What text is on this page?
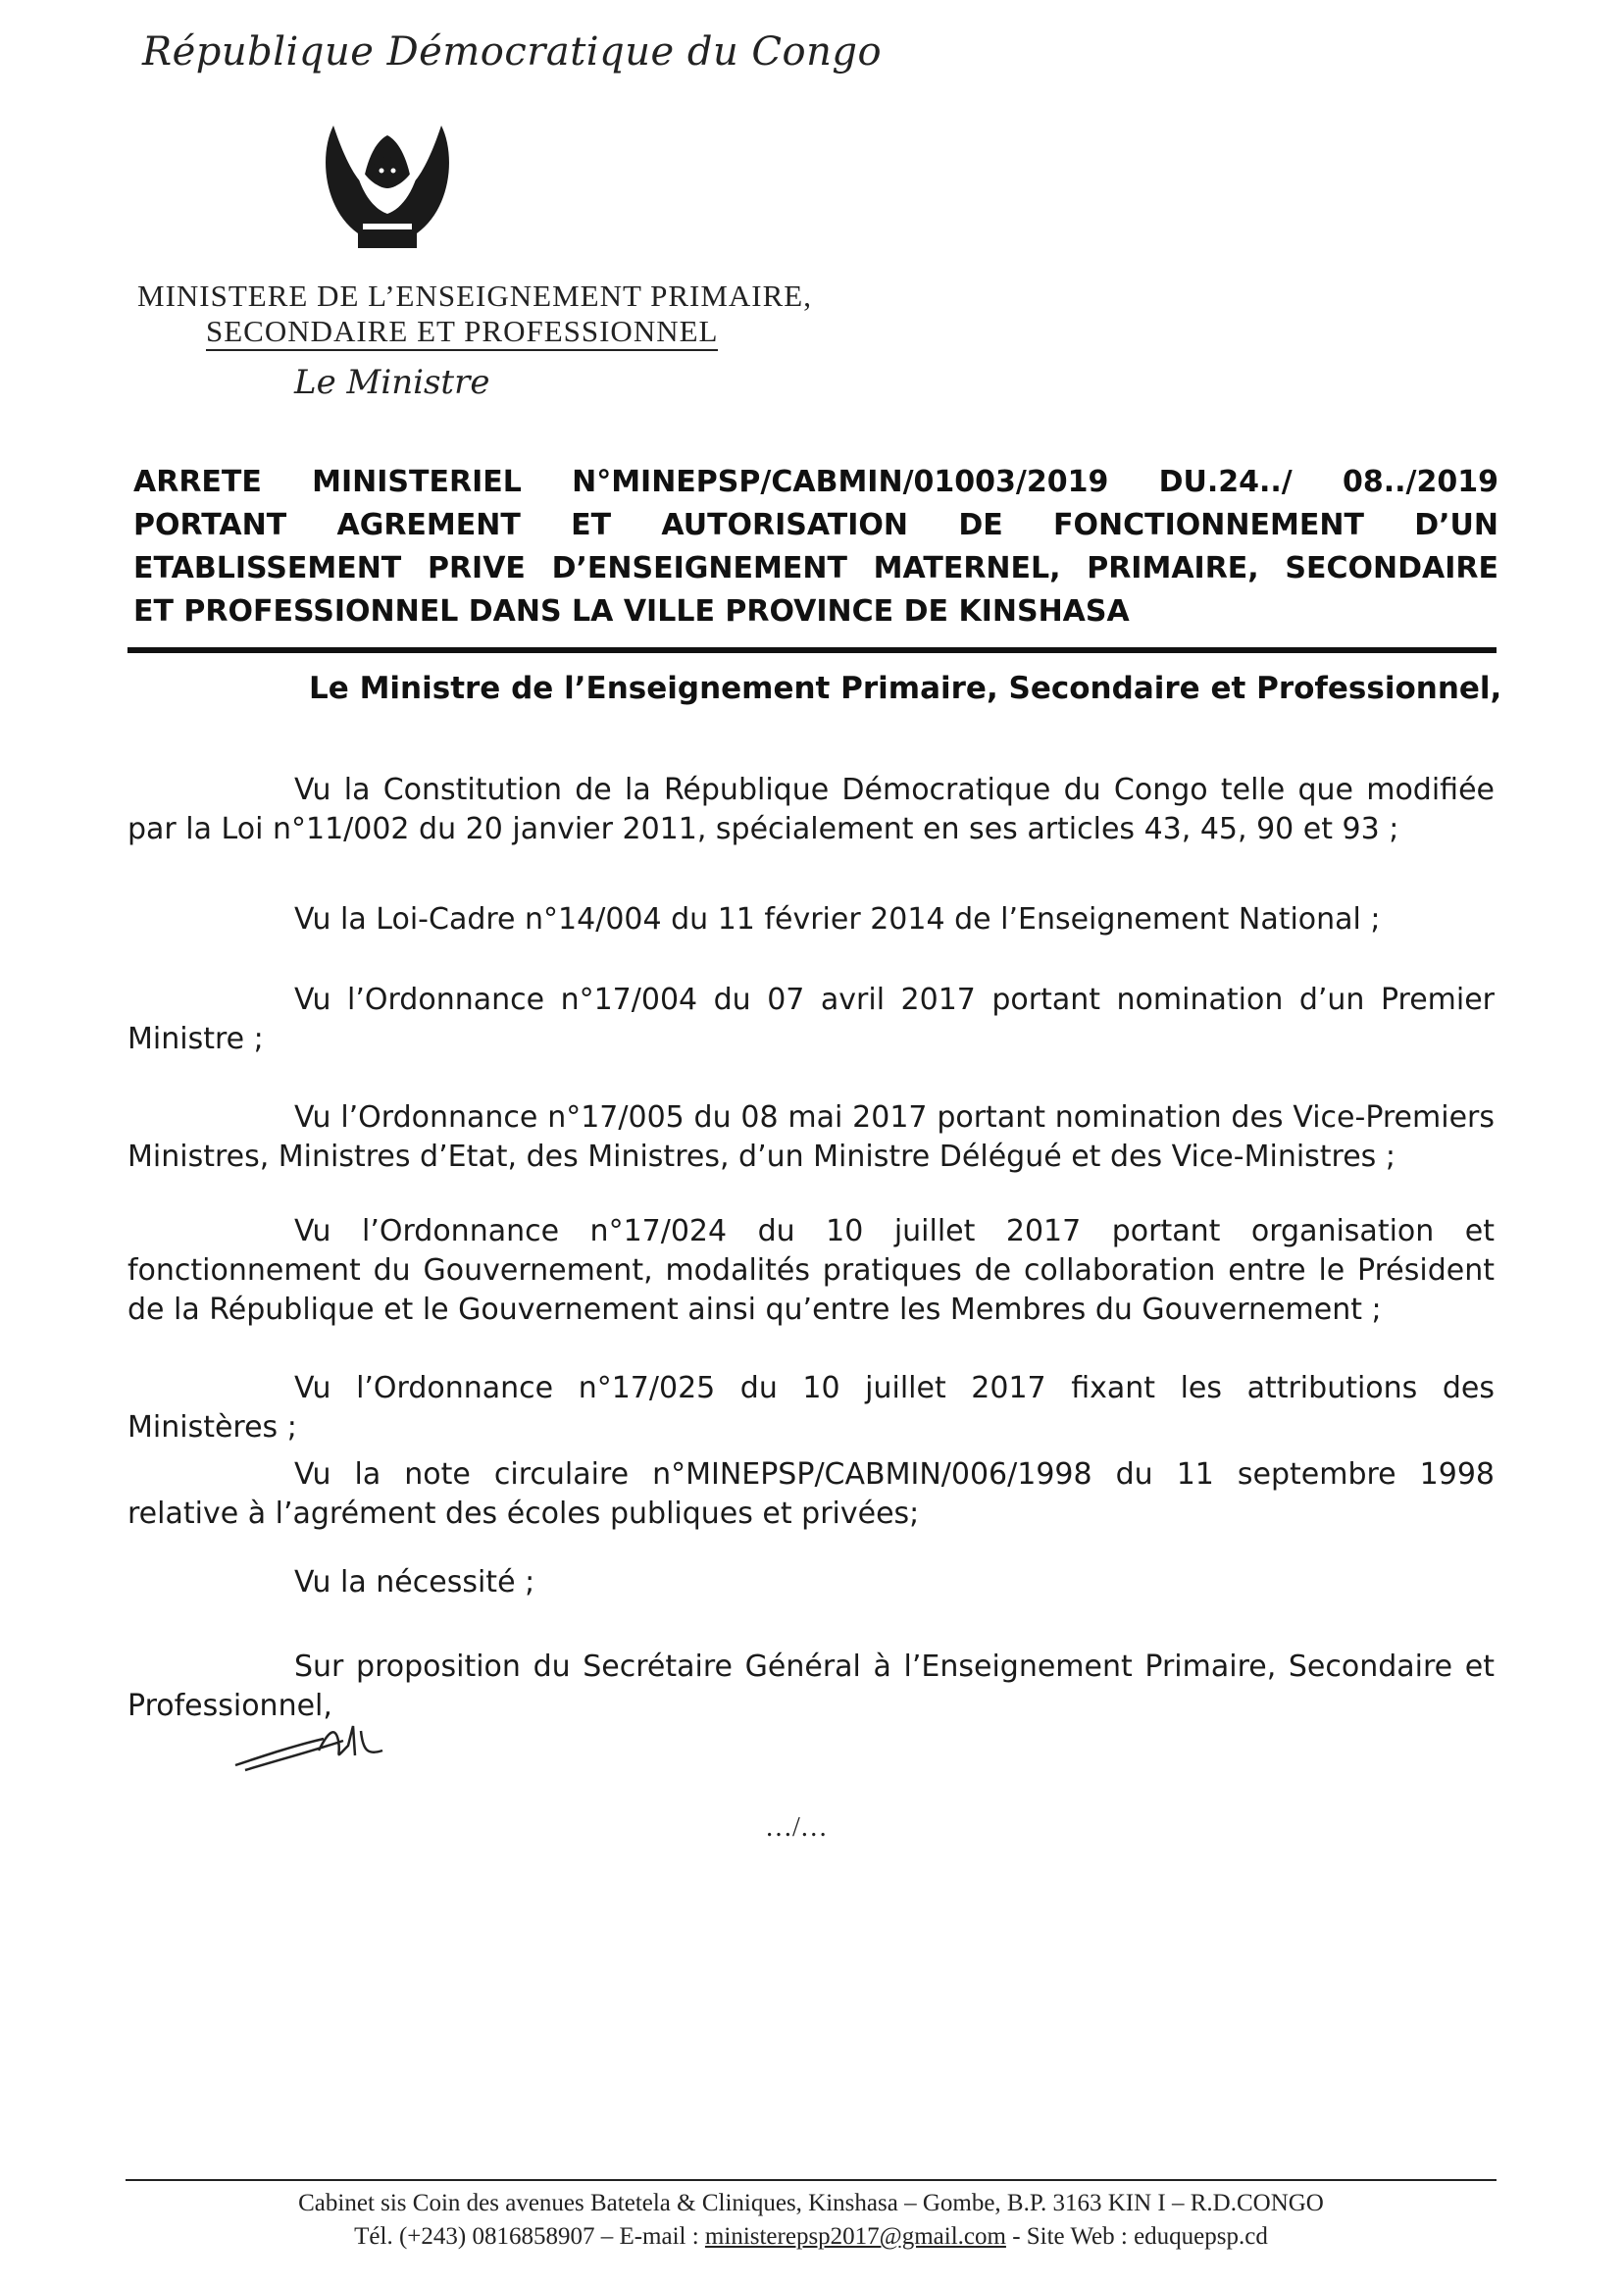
République Démocratique du Congo
MINISTERE DE L’ENSEIGNEMENT PRIMAIRE,
SECONDAIRE ET PROFESSIONNEL
Le Ministre
ARRETE MINISTERIEL N°MINEPSP/CABMIN/01003/2019 DU.24../ 08../2019
PORTANT AGREMENT ET AUTORISATION DE FONCTIONNEMENT D’UN
ETABLISSEMENT PRIVE D’ENSEIGNEMENT MATERNEL, PRIMAIRE, SECONDAIRE
ET PROFESSIONNEL DANS LA VILLE PROVINCE DE KINSHASA
Le Ministre de l’Enseignement Primaire, Secondaire et Professionnel,
Vu la Constitution de la République Démocratique du Congo telle que modifiée par la Loi n°11/002 du 20 janvier 2011, spécialement en ses articles 43, 45, 90 et 93 ;
Vu la Loi-Cadre n°14/004 du 11 février 2014 de l’Enseignement National ;
Vu l’Ordonnance n°17/004 du 07 avril 2017 portant nomination d’un Premier Ministre ;
Vu l’Ordonnance n°17/005 du 08 mai 2017 portant nomination des Vice-Premiers Ministres, Ministres d’Etat, des Ministres, d’un Ministre Délégué et des Vice-Ministres ;
Vu l’Ordonnance n°17/024 du 10 juillet 2017 portant organisation et fonctionnement du Gouvernement, modalités pratiques de collaboration entre le Président de la République et le Gouvernement ainsi qu’entre les Membres du Gouvernement ;
Vu l’Ordonnance n°17/025 du 10 juillet 2017 fixant les attributions des Ministères ;
Vu la note circulaire n°MINEPSP/CABMIN/006/1998 du 11 septembre 1998 relative à l’agrément des écoles publiques et privées;
Vu la nécessité ;
Sur proposition du Secrétaire Général à l’Enseignement Primaire, Secondaire et Professionnel,
…/…
Cabinet sis Coin des avenues Batetela & Cliniques, Kinshasa – Gombe, B.P. 3163 KIN I – R.D.CONGO
Tél. (+243) 0816858907 – E-mail : ministerepsp2017@gmail.com - Site Web : eduquepsp.cd
